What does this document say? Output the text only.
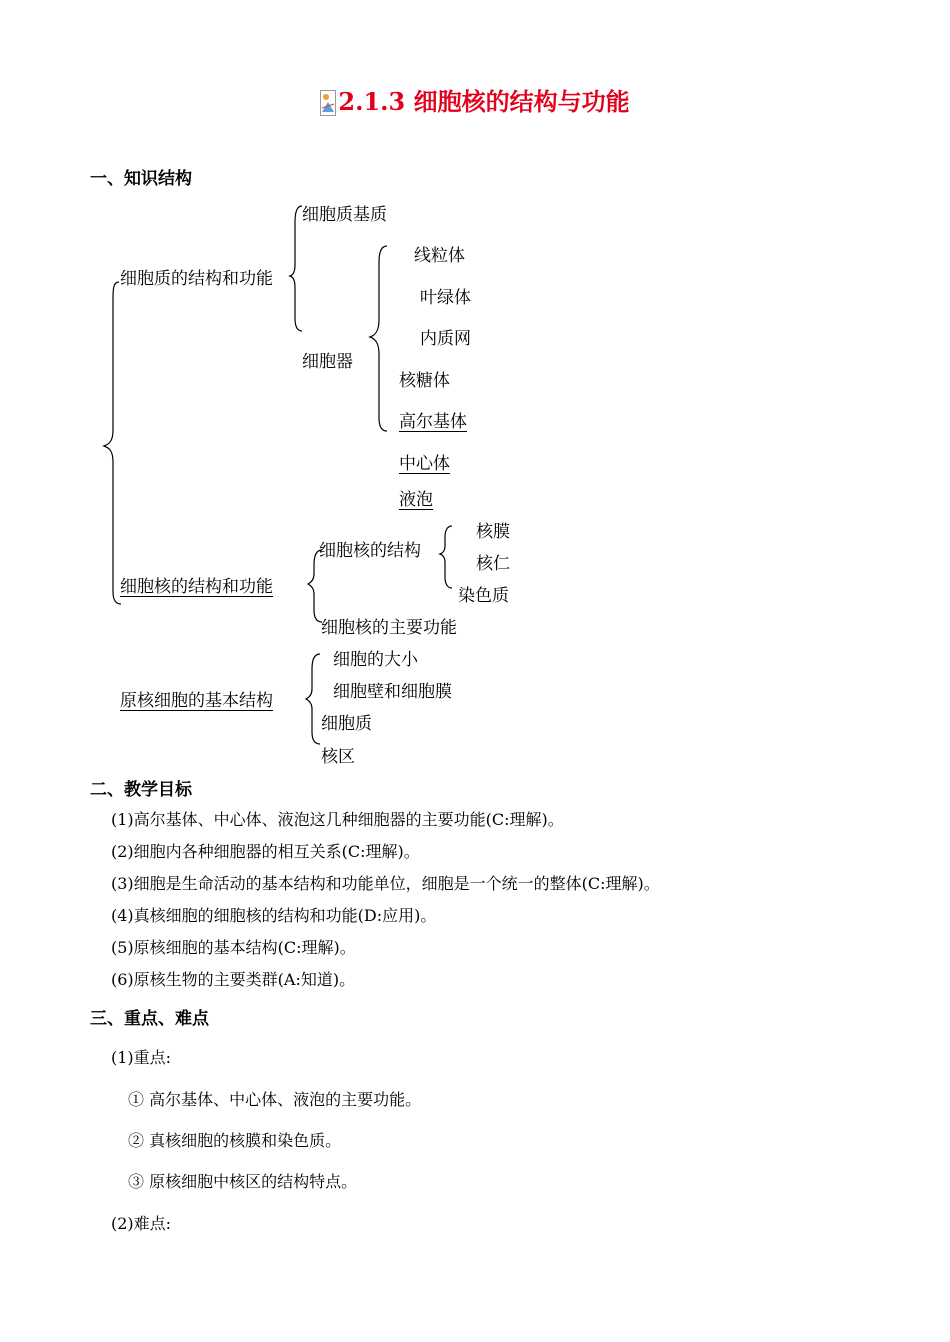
2.1.3 细胞核的结构与功能
一、知识结构
细胞质的结构和功能
细胞质基质
细胞器
线粒体
叶绿体
内质网
核糖体
高尔基体
中心体
液泡
细胞核的结构和功能
细胞核的结构
核膜
核仁
染色质
细胞核的主要功能
原核细胞的基本结构
细胞的大小
细胞壁和细胞膜
细胞质
核区
二、教学目标
(1)高尔基体、中心体、液泡这几种细胞器的主要功能(C:理解)。
(2)细胞内各种细胞器的相互关系(C:理解)。
(3)细胞是生命活动的基本结构和功能单位，细胞是一个统一的整体(C:理解)。
(4)真核细胞的细胞核的结构和功能(D:应用)。
(5)原核细胞的基本结构(C:理解)。
(6)原核生物的主要类群(A:知道)。
三、重点、难点
(1)重点:
① 高尔基体、中心体、液泡的主要功能。
② 真核细胞的核膜和染色质。
③ 原核细胞中核区的结构特点。
(2)难点:
